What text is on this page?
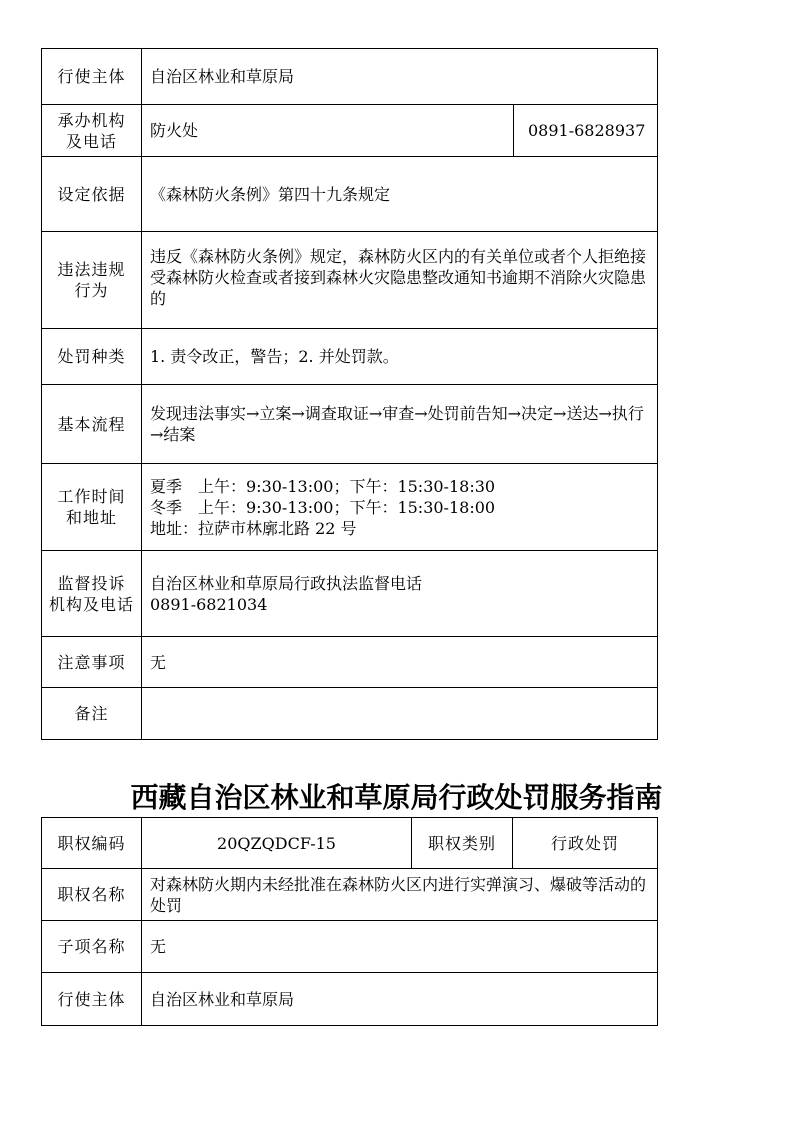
行使主体	自治区林业和草原局	

承办机构
及电话	防火处	0891-6828937
设定依据	《森林防火条例》第四十九条规定	

违法违规
行为	违反《森林防火条例》规定，森林防火区内的有关单位或者个人拒绝接受森林防火检查或者接到森林火灾隐患整改通知书逾期不消除火灾隐患的	
处罚种类	1. 责令改正，警告；2. 并处罚款。	
基本流程	发现违法事实→立案→调查取证→审查→处罚前告知→决定→送达→执行→结案	

工作时间
和地址	夏季　上午：9:30-13:00；下午：15:30-18:30
冬季　上午：9:30-13:00；下午：15:30-18:00
地址：拉萨市林廓北路 22 号	

监督投诉
机构及电话	自治区林业和草原局行政执法监督电话
0891-6821034	

注意事项	无	
备注		
西藏自治区林业和草原局行政处罚服务指南
职权编码	20QZQDCF-15	职权类别	行政处罚
职权名称	对森林防火期内未经批准在森林防火区内进行实弹演习、爆破等活动的处罚		
子项名称	无		
行使主体	自治区林业和草原局		
